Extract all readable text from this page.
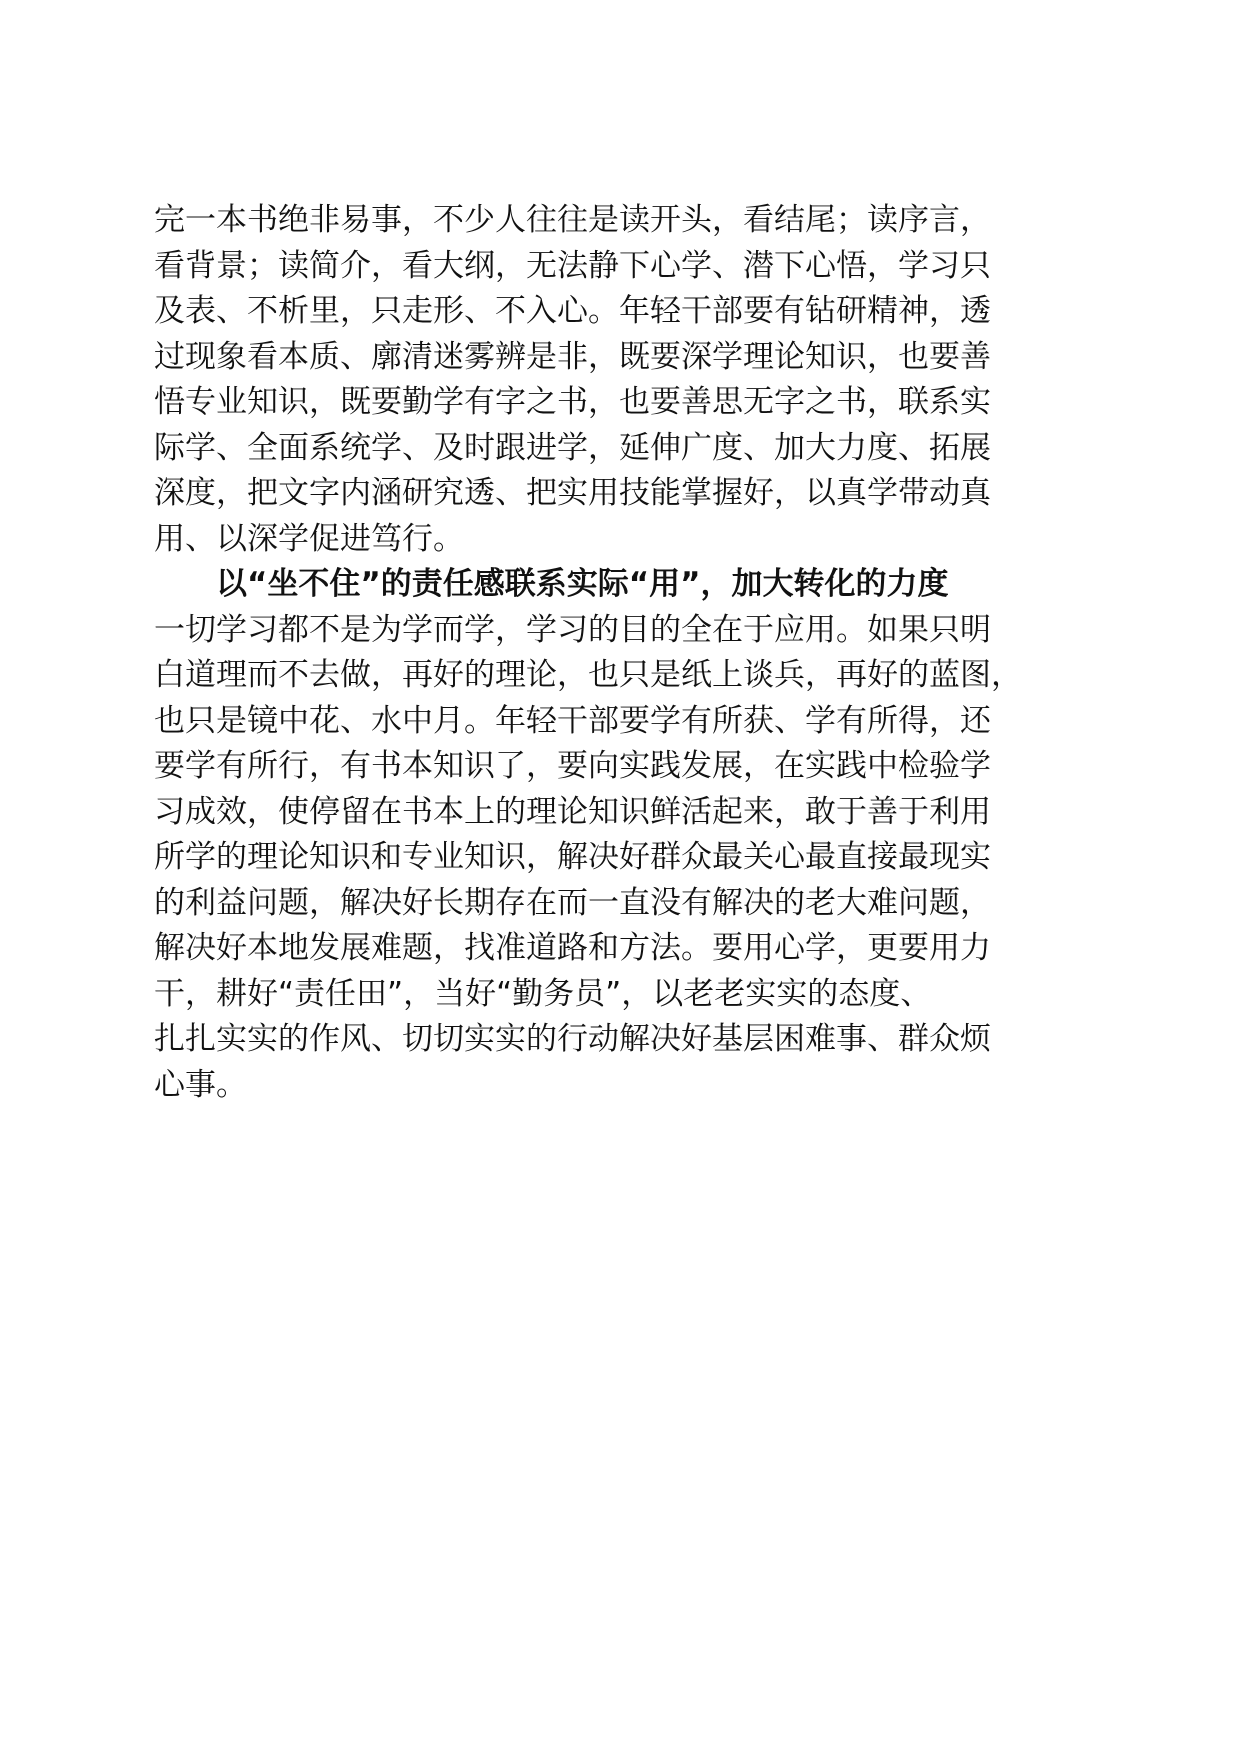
完一本书绝非易事，不少人往往是读开头，看结尾；读序言，
看背景；读简介，看大纲，无法静下心学、潜下心悟，学习只
及表、不析里，只走形、不入心。年轻干部要有钻研精神，透
过现象看本质、廓清迷雾辨是非，既要深学理论知识，也要善
悟专业知识，既要勤学有字之书，也要善思无字之书，联系实
际学、全面系统学、及时跟进学，延伸广度、加大力度、拓展
深度，把文字内涵研究透、把实用技能掌握好，以真学带动真
用、以深学促进笃行。
以“坐不住”的责任感联系实际“用”，加大转化的力度
一切学习都不是为学而学，学习的目的全在于应用。如果只明
白道理而不去做，再好的理论，也只是纸上谈兵，再好的蓝图，
也只是镜中花、水中月。年轻干部要学有所获、学有所得，还
要学有所行，有书本知识了，要向实践发展，在实践中检验学
习成效，使停留在书本上的理论知识鲜活起来，敢于善于利用
所学的理论知识和专业知识，解决好群众最关心最直接最现实
的利益问题，解决好长期存在而一直没有解决的老大难问题，
解决好本地发展难题，找准道路和方法。要用心学，更要用力
干，耕好“责任田”，当好“勤务员”，以老老实实的态度、
扎扎实实的作风、切切实实的行动解决好基层困难事、群众烦
心事。
